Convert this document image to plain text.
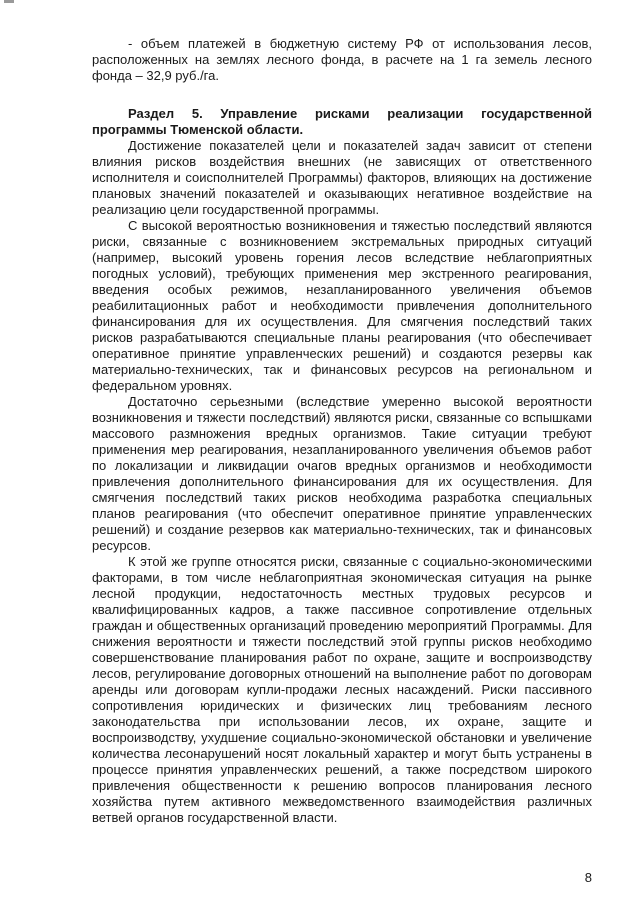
- объем платежей в бюджетную систему РФ от использования лесов, расположенных на землях лесного фонда, в расчете на 1 га земель лесного фонда – 32,9 руб./га.

Раздел 5. Управление рисками реализации государственной программы Тюменской области.

Достижение показателей цели и показателей задач зависит от степени влияния рисков воздействия внешних (не зависящих от ответственного исполнителя и соисполнителей Программы) факторов, влияющих на достижение плановых значений показателей и оказывающих негативное воздействие на реализацию цели государственной программы.

С высокой вероятностью возникновения и тяжестью последствий являются риски, связанные с возникновением экстремальных природных ситуаций (например, высокий уровень горения лесов вследствие неблагоприятных погодных условий), требующих применения мер экстренного реагирования, введения особых режимов, незапланированного увеличения объемов реабилитационных работ и необходимости привлечения дополнительного финансирования для их осуществления. Для смягчения последствий таких рисков разрабатываются специальные планы реагирования (что обеспечивает оперативное принятие управленческих решений) и создаются резервы как материально-технических, так и финансовых ресурсов на региональном и федеральном уровнях.

Достаточно серьезными (вследствие умеренно высокой вероятности возникновения и тяжести последствий) являются риски, связанные со вспышками массового размножения вредных организмов. Такие ситуации требуют применения мер реагирования, незапланированного увеличения объемов работ по локализации и ликвидации очагов вредных организмов и необходимости привлечения дополнительного финансирования для их осуществления. Для смягчения последствий таких рисков необходима разработка специальных планов реагирования (что обеспечит оперативное принятие управленческих решений) и создание резервов как материально-технических, так и финансовых ресурсов.

К этой же группе относятся риски, связанные с социально-экономическими факторами, в том числе неблагоприятная экономическая ситуация на рынке лесной продукции, недостаточность местных трудовых ресурсов и квалифицированных кадров, а также пассивное сопротивление отдельных граждан и общественных организаций проведению мероприятий Программы. Для снижения вероятности и тяжести последствий этой группы рисков необходимо совершенствование планирования работ по охране, защите и воспроизводству лесов, регулирование договорных отношений на выполнение работ по договорам аренды или договорам купли-продажи лесных насаждений. Риски пассивного сопротивления юридических и физических лиц требованиям лесного законодательства при использовании лесов, их охране, защите и воспроизводству, ухудшение социально-экономической обстановки и увеличение количества лесонарушений носят локальный характер и могут быть устранены в процессе принятия управленческих решений, а также посредством широкого привлечения общественности к решению вопросов планирования лесного хозяйства путем активного межведомственного взаимодействия различных ветвей органов государственной власти.

8
